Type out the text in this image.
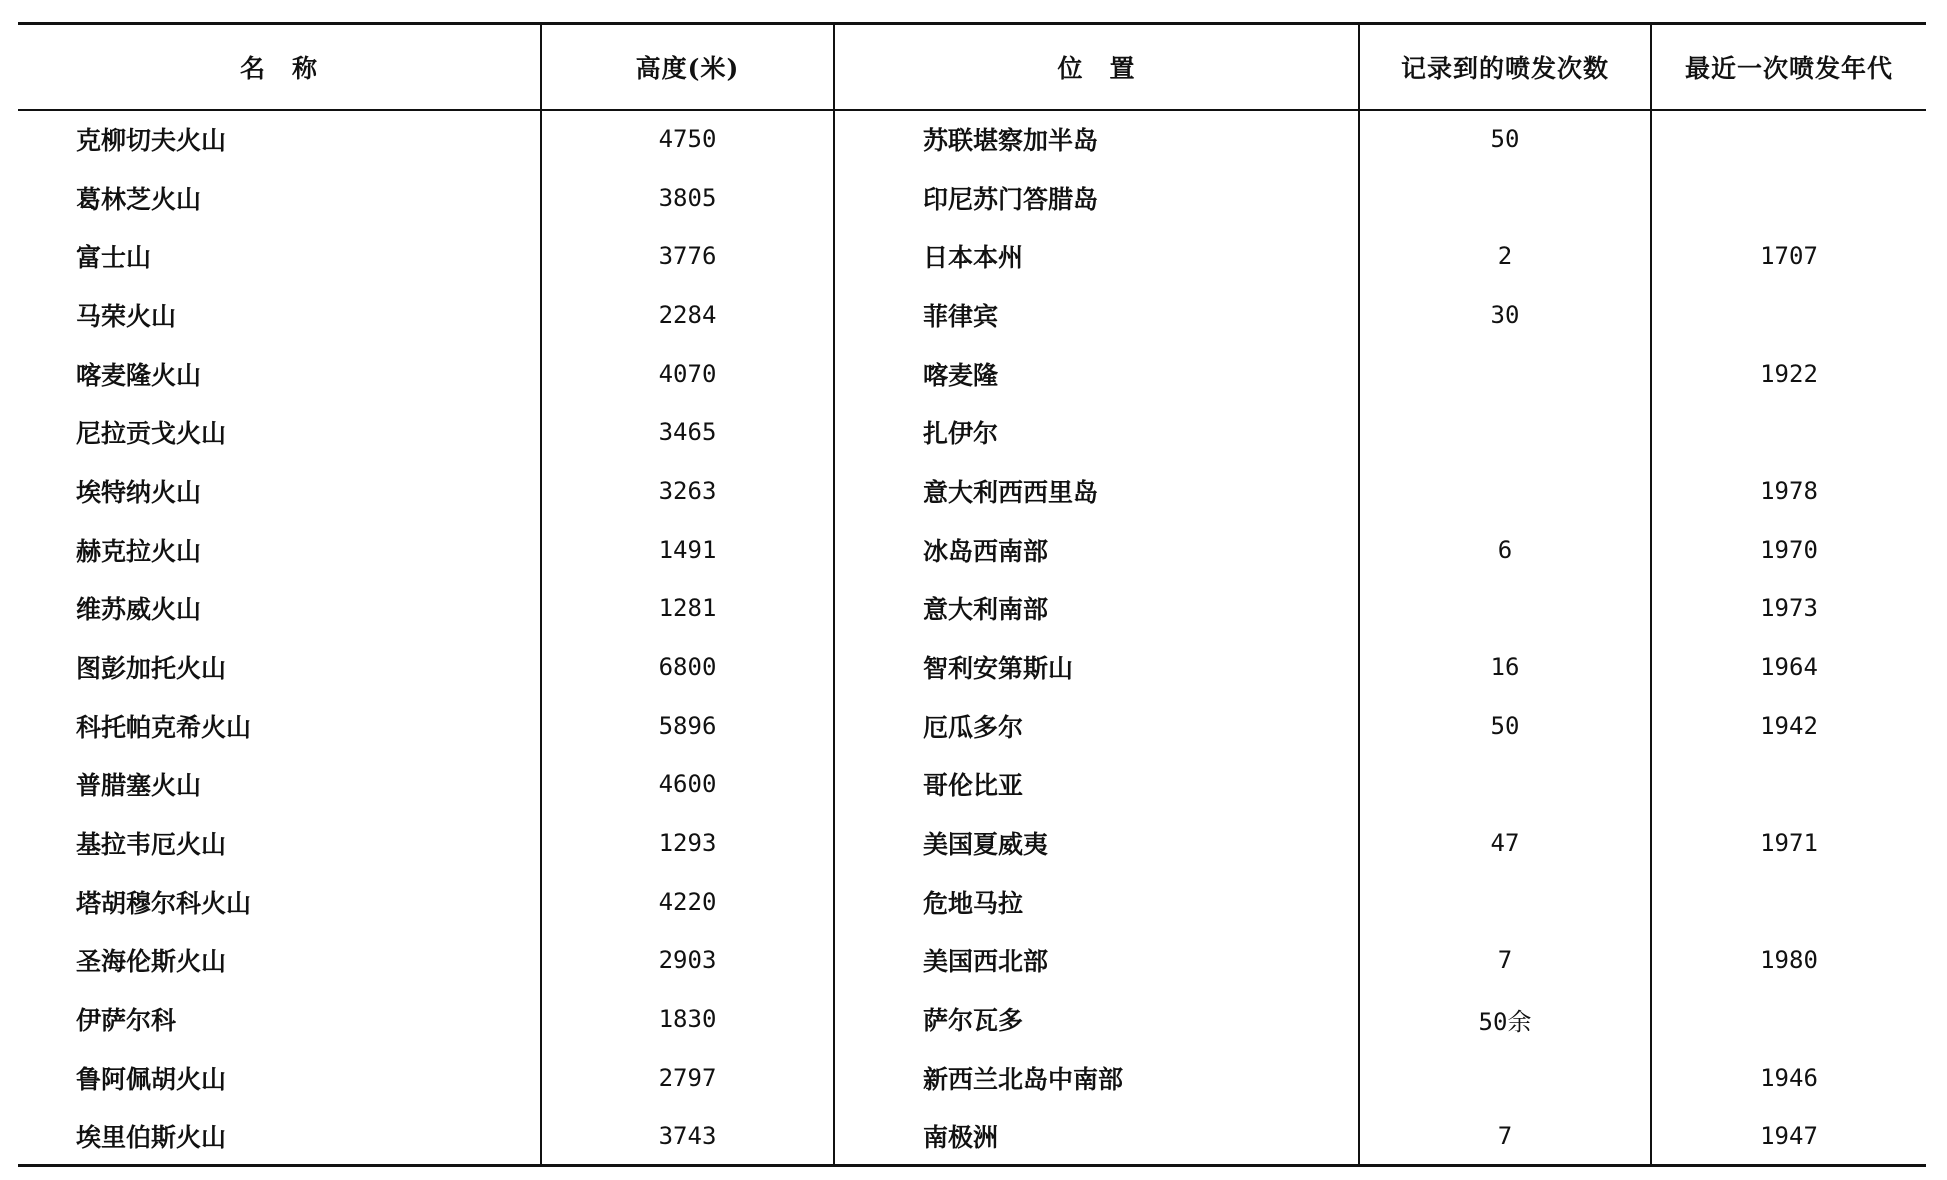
名　称	高度(米)	位　置	记录到的喷发次数	最近一次喷发年代
克柳切夫火山	4750	苏联堪察加半岛	50	
葛林芝火山	3805	印尼苏门答腊岛		
富士山	3776	日本本州	2	1707
马荣火山	2284	菲律宾	30	
喀麦隆火山	4070	喀麦隆		1922
尼拉贡戈火山	3465	扎伊尔		
埃特纳火山	3263	意大利西西里岛		1978
赫克拉火山	1491	冰岛西南部	6	1970
维苏威火山	1281	意大利南部		1973
图彭加托火山	6800	智利安第斯山	16	1964
科托帕克希火山	5896	厄瓜多尔	50	1942
普腊塞火山	4600	哥伦比亚		
基拉韦厄火山	1293	美国夏威夷	47	1971
塔胡穆尔科火山	4220	危地马拉		
圣海伦斯火山	2903	美国西北部	7	1980
伊萨尔科	1830	萨尔瓦多	50余	
鲁阿佩胡火山	2797	新西兰北岛中南部		1946
埃里伯斯火山	3743	南极洲	7	1947
